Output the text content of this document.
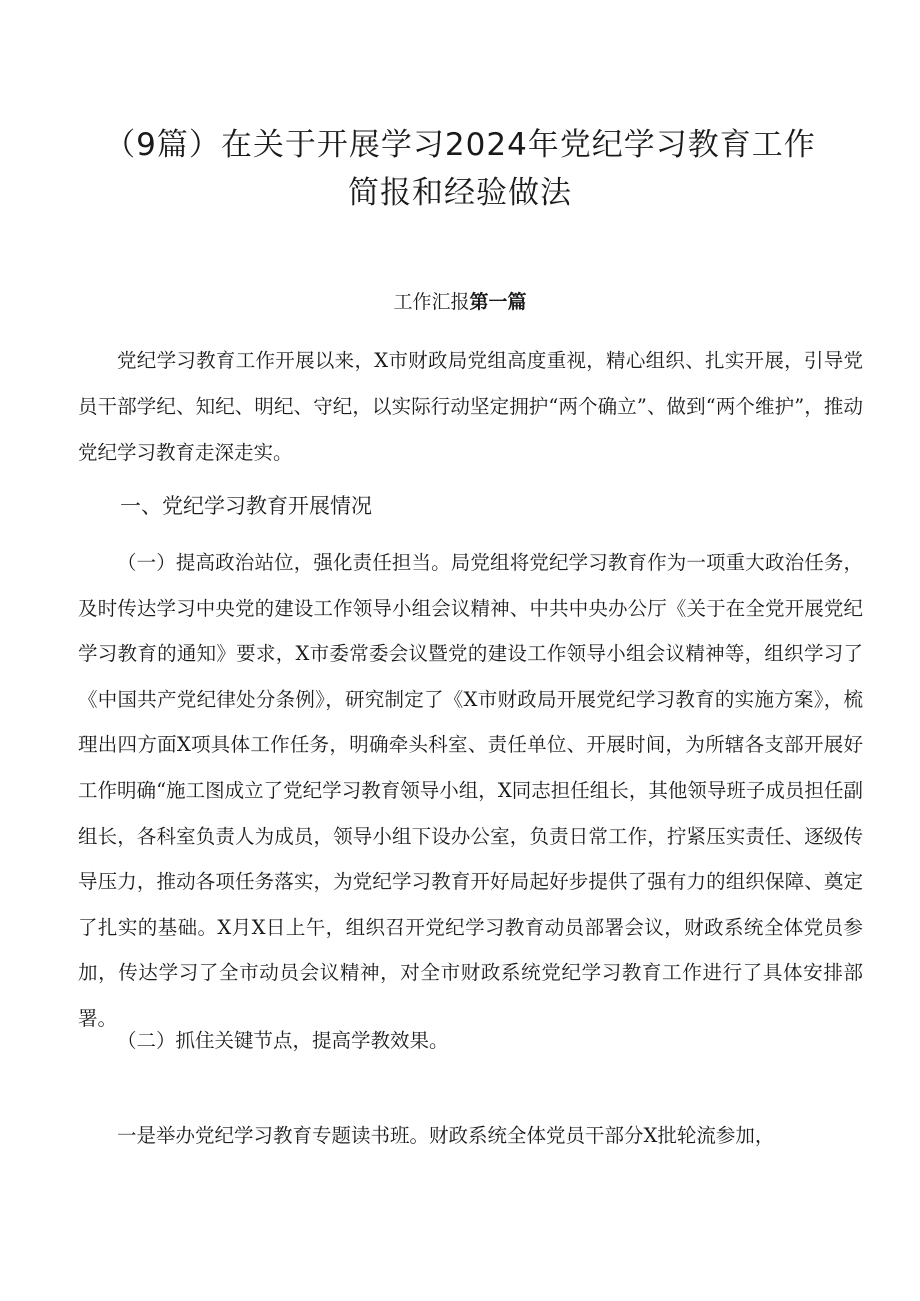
（9篇）在关于开展学习2024年党纪学习教育工作
简报和经验做法
工作汇报第一篇

党纪学习教育工作开展以来，X市财政局党组高度重视，精心组织、扎实开展，引导党员干部学纪、知纪、明纪、守纪，以实际行动坚定拥护“两个确立”、做到“两个维护”，推动党纪学习教育走深走实。

一、党纪学习教育开展情况

（一）提高政治站位，强化责任担当。局党组将党纪学习教育作为一项重大政治任务，及时传达学习中央党的建设工作领导小组会议精神、中共中央办公厅《关于在全党开展党纪学习教育的通知》要求，X市委常委会议暨党的建设工作领导小组会议精神等，组织学习了《中国共产党纪律处分条例》，研究制定了《X市财政局开展党纪学习教育的实施方案》，梳理出四方面X项具体工作任务，明确牵头科室、责任单位、开展时间，为所辖各支部开展好工作明确“施工图成立了党纪学习教育领导小组，X同志担任组长，其他领导班子成员担任副组长，各科室负责人为成员，领导小组下设办公室，负责日常工作，拧紧压实责任、逐级传导压力，推动各项任务落实，为党纪学习教育开好局起好步提供了强有力的组织保障、奠定了扎实的基础。X月X日上午，组织召开党纪学习教育动员部署会议，财政系统全体党员参加，传达学习了全市动员会议精神，对全市财政系统党纪学习教育工作进行了具体安排部署。

（二）抓住关键节点，提高学教效果。

一是举办党纪学习教育专题读书班。财政系统全体党员干部分X批轮流参加，
